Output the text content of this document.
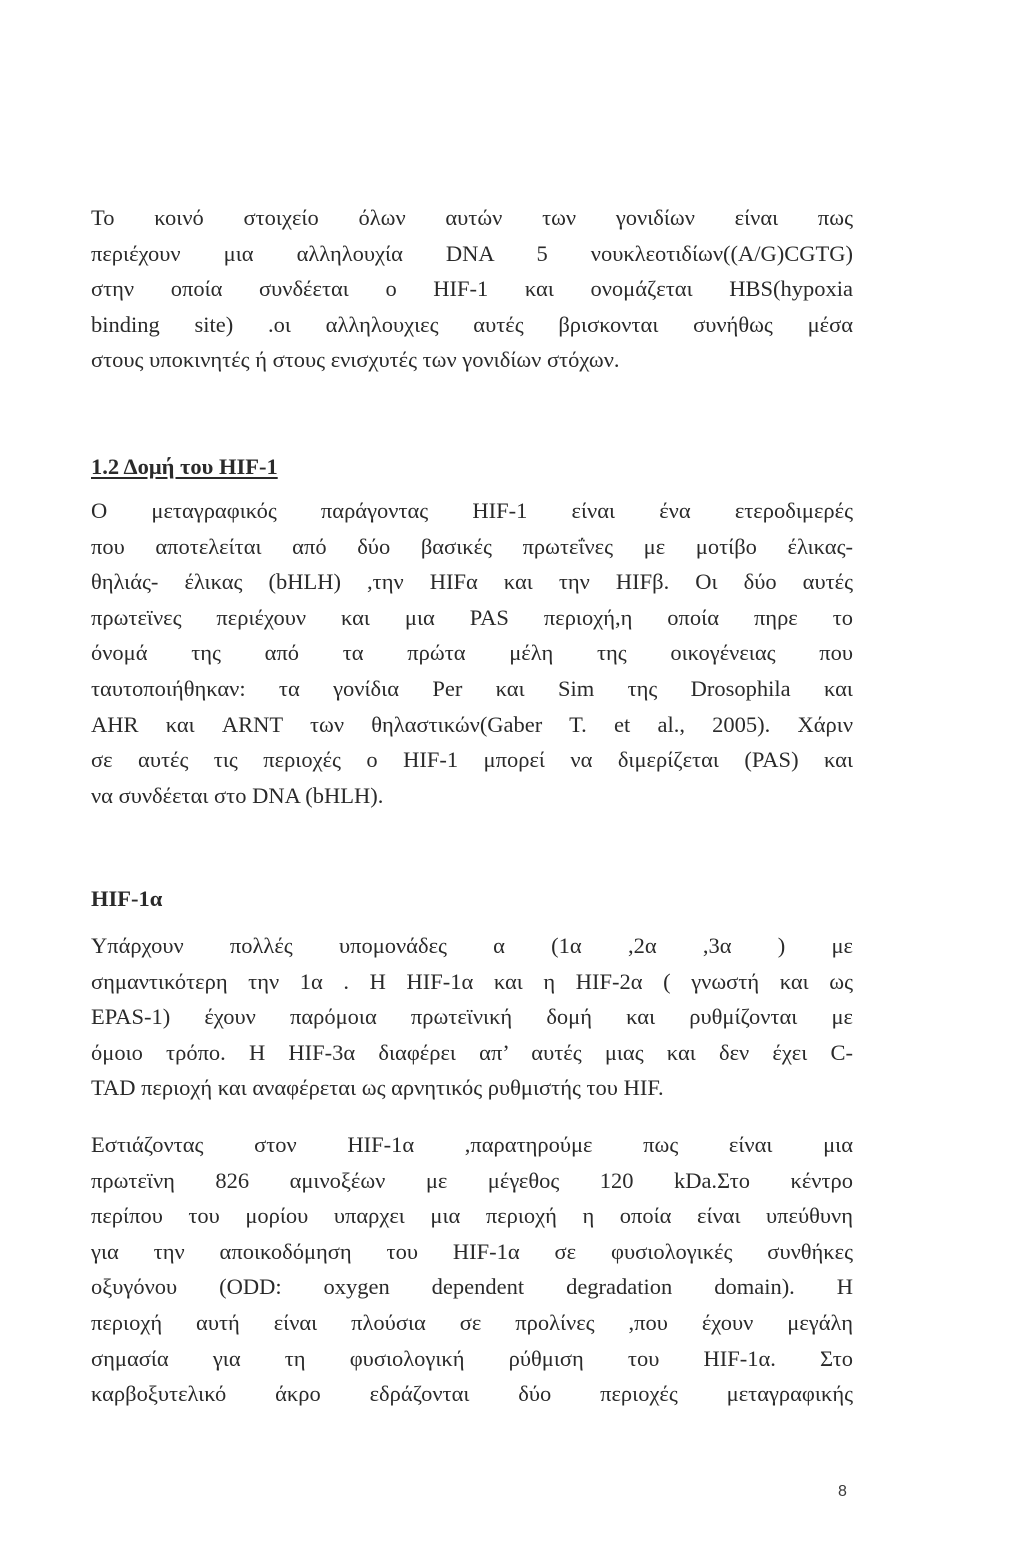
Το κοινό στοιχείο όλων αυτών των γονιδίων είναι πως
περιέχουν μια αλληλουχία DNA 5 νουκλεοτιδίων((A/G)CGTG)
στην οποία συνδέεται ο HIF-1 και ονομάζεται HBS(hypoxia
binding site) .οι αλληλουχιες αυτές βρισκονται συνήθως μέσα
στους υποκινητές ή στους ενισχυτές των γονιδίων στόχων.
1.2 Δομή του HIF-1
Ο μεταγραφικός παράγοντας HIF-1 είναι ένα ετεροδιμερές
που αποτελείται από δύο βασικές πρωτεΐνες με μοτίβο έλικας-
θηλιάς- έλικας (bHLH) ,την HIFα και την HIFβ. Οι δύο αυτές
πρωτεϊνες περιέχουν και μια PAS περιοχή,η οποία πηρε το
όνομά της από τα πρώτα μέλη της οικογένειας που
ταυτοποιήθηκαν: τα γονίδια Per και Sim της Drosophila και
AHR και ARNT των θηλαστικών(Gaber T. et al., 2005). Χάριν
σε αυτές τις περιοχές ο HIF-1 μπορεί να διμερίζεται (PAS) και
να συνδέεται στο DNA (bHLH).
HIF-1α
Υπάρχουν πολλές υπομονάδες α (1α ,2α ,3α ) με
σημαντικότερη την 1α . Η HIF-1α και η HIF-2α ( γνωστή και ως
EPAS-1) έχουν παρόμοια πρωτεϊνική δομή και ρυθμίζονται με
όμοιο τρόπο. Η HIF-3α διαφέρει απ’ αυτές μιας και δεν έχει C-
TAD περιοχή και αναφέρεται ως αρνητικός ρυθμιστής του HIF.
Εστιάζοντας στον HIF-1α ,παρατηρούμε πως είναι μια
πρωτεϊνη 826 αμινοξέων με μέγεθος 120 kDa.Στο κέντρο
περίπου του μορίου υπαρχει μια περιοχή η οποία είναι υπεύθυνη
για την αποικοδόμηση του HIF-1α σε φυσιολογικές συνθήκες
οξυγόνου (ODD: oxygen dependent degradation domain). Η
περιοχή αυτή είναι πλούσια σε προλίνες ,που έχουν μεγάλη
σημασία για τη φυσιολογική ρύθμιση του HIF-1α. Στο
καρβοξυτελικό άκρο εδράζονται δύο περιοχές μεταγραφικής
8
